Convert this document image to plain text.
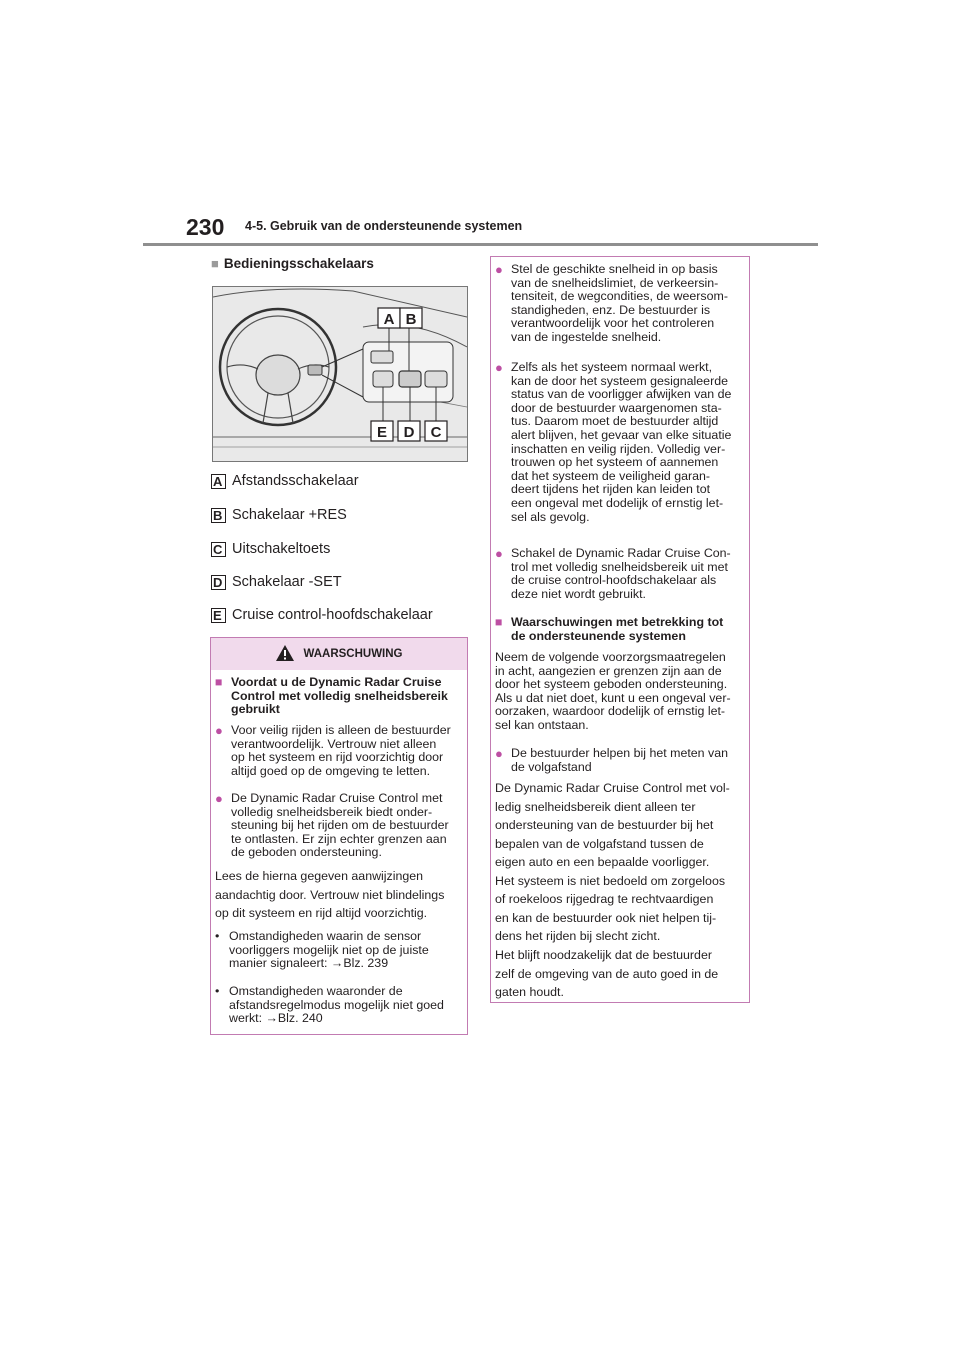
230 4-5. Gebruik van de ondersteunende systemen
■ Bedieningsschakelaars
A B
E D C
A Afstandsschakelaar
B Schakelaar +RES
C Uitschakeltoets
D Schakelaar -SET
E Cruise control-hoofdschakelaar
WAARSCHUWING
■ Voordat u de Dynamic Radar Cruise
Control met volledig snelheidsbereik
gebruikt
● Voor veilig rijden is alleen de bestuurder
verantwoordelijk. Vertrouw niet alleen
op het systeem en rijd voorzichtig door
altijd goed op de omgeving te letten.
● De Dynamic Radar Cruise Control met
volledig snelheidsbereik biedt onder-
steuning bij het rijden om de bestuurder
te ontlasten. Er zijn echter grenzen aan
de geboden ondersteuning.
Lees de hierna gegeven aanwijzingen
aandachtig door. Vertrouw niet blindelings
op dit systeem en rijd altijd voorzichtig.
• Omstandigheden waarin de sensor
voorliggers mogelijk niet op de juiste
manier signaleert: →Blz. 239
• Omstandigheden waaronder de
afstandsregelmodus mogelijk niet goed
werkt: →Blz. 240
● Stel de geschikte snelheid in op basis
van de snelheidslimiet, de verkeersin-
tensiteit, de wegcondities, de weersom-
standigheden, enz. De bestuurder is
verantwoordelijk voor het controleren
van de ingestelde snelheid.
● Zelfs als het systeem normaal werkt,
kan de door het systeem gesignaleerde
status van de voorligger afwijken van de
door de bestuurder waargenomen sta-
tus. Daarom moet de bestuurder altijd
alert blijven, het gevaar van elke situatie
inschatten en veilig rijden. Volledig ver-
trouwen op het systeem of aannemen
dat het systeem de veiligheid garan-
deert tijdens het rijden kan leiden tot
een ongeval met dodelijk of ernstig let-
sel als gevolg.
● Schakel de Dynamic Radar Cruise Con-
trol met volledig snelheidsbereik uit met
de cruise control-hoofdschakelaar als
deze niet wordt gebruikt.
■ Waarschuwingen met betrekking tot
de ondersteunende systemen
Neem de volgende voorzorgsmaatregelen
in acht, aangezien er grenzen zijn aan de
door het systeem geboden ondersteuning.
Als u dat niet doet, kunt u een ongeval ver-
oorzaken, waardoor dodelijk of ernstig let-
sel kan ontstaan.
● De bestuurder helpen bij het meten van
de volgafstand
De Dynamic Radar Cruise Control met vol-
ledig snelheidsbereik dient alleen ter
ondersteuning van de bestuurder bij het
bepalen van de volgafstand tussen de
eigen auto en een bepaalde voorligger.
Het systeem is niet bedoeld om zorgeloos
of roekeloos rijgedrag te rechtvaardigen
en kan de bestuurder ook niet helpen tij-
dens het rijden bij slecht zicht.
Het blijft noodzakelijk dat de bestuurder
zelf de omgeving van de auto goed in de
gaten houdt.
